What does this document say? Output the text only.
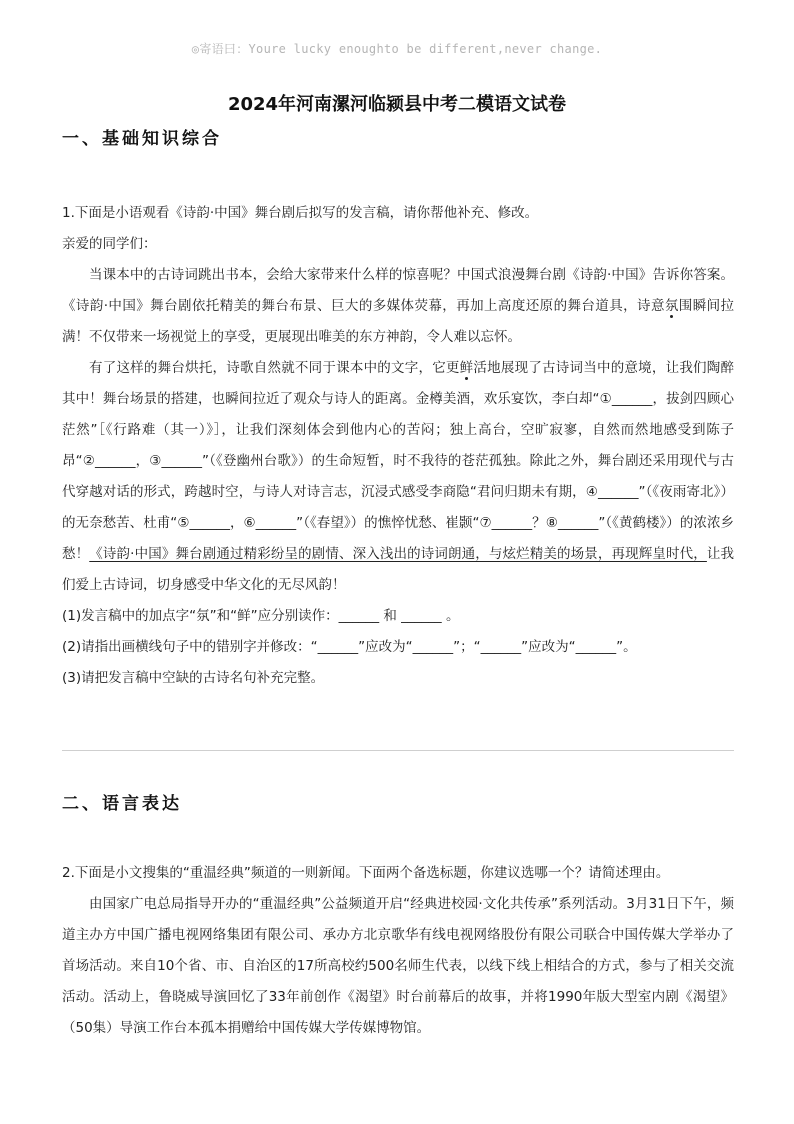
◎寄语曰：Youre lucky enoughto be different,never change.
2024年河南漯河临颍县中考二模语文试卷
一、基础知识综合

1.下面是小语观看《诗韵·中国》舞台剧后拟写的发言稿，请你帮他补充、修改。

亲爱的同学们：

当课本中的古诗词跳出书本，会给大家带来什么样的惊喜呢？中国式浪漫舞台剧《诗韵·中国》告诉你答案。《诗韵·中国》舞台剧依托精美的舞台布景、巨大的多媒体荧幕，再加上高度还原的舞台道具，诗意氛围瞬间拉满！不仅带来一场视觉上的享受，更展现出唯美的东方神韵，令人难以忘怀。

有了这样的舞台烘托，诗歌自然就不同于课本中的文字，它更鲜活地展现了古诗词当中的意境，让我们陶醉其中！舞台场景的搭建，也瞬间拉近了观众与诗人的距离。金樽美酒，欢乐宴饮，李白却“①______，拔剑四顾心茫然”［《行路难（其一）》］，让我们深刻体会到他内心的苦闷；独上高台，空旷寂寥，自然而然地感受到陈子昂“②______，③______”（《登幽州台歌》）的生命短暂，时不我待的苍茫孤独。除此之外，舞台剧还采用现代与古代穿越对话的形式，跨越时空，与诗人对诗言志，沉浸式感受李商隐“君问归期未有期，④______”（《夜雨寄北》）的无奈愁苦、杜甫“⑤______，⑥______”（《春望》）的憔悴忧愁、崔颢“⑦______？⑧______”（《黄鹤楼》）的浓浓乡愁！《诗韵·中国》舞台剧通过精彩纷呈的剧情、深入浅出的诗词朗通，与炫烂精美的场景，再现辉皇时代，让我们爱上古诗词，切身感受中华文化的无尽风韵！

(1)发言稿中的加点字“氛”和“鲜”应分别读作：______ 和 ______ 。

(2)请指出画横线句子中的错别字并修改：“______”应改为“______”；“______”应改为“______”。

(3)请把发言稿中空缺的古诗名句补充完整。

二、语言表达

2.下面是小文搜集的“重温经典”频道的一则新闻。下面两个备选标题，你建议选哪一个？请简述理由。

由国家广电总局指导开办的“重温经典”公益频道开启“经典进校园·文化共传承”系列活动。3月31日下午，频道主办方中国广播电视网络集团有限公司、承办方北京歌华有线电视网络股份有限公司联合中国传媒大学举办了首场活动。来自10个省、市、自治区的17所高校约500名师生代表，以线下线上相结合的方式，参与了相关交流活动。活动上，鲁晓威导演回忆了33年前创作《渴望》时台前幕后的故事，并将1990年版大型室内剧《渴望》（50集）导演工作台本孤本捐赠给中国传媒大学传媒博物馆。
